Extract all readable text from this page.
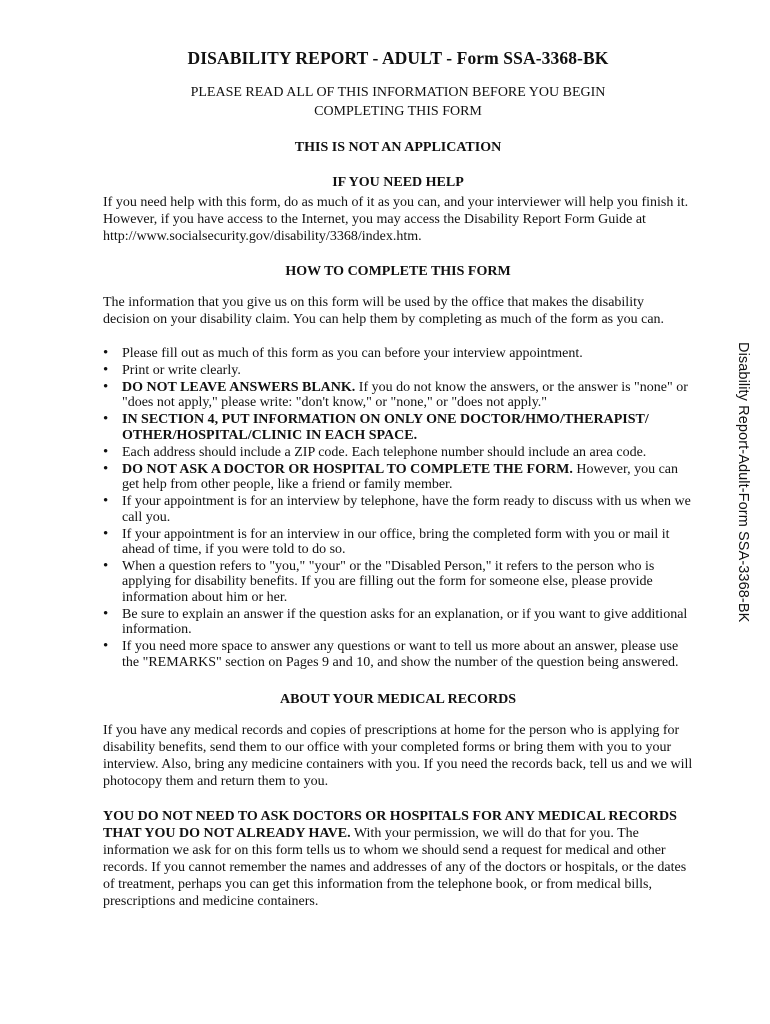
DISABILITY REPORT - ADULT - Form SSA-3368-BK
PLEASE READ ALL OF THIS INFORMATION BEFORE YOU BEGIN
COMPLETING THIS FORM
THIS IS NOT AN APPLICATION
IF YOU NEED HELP

If you need help with this form, do as much of it as you can, and your interviewer will help you finish it. However, if you have access to the Internet, you may access the Disability Report Form Guide at http://www.socialsecurity.gov/disability/3368/index.htm.

HOW TO COMPLETE THIS FORM

The information that you give us on this form will be used by the office that makes the disability decision on your disability claim. You can help them by completing as much of the form as you can.

• Please fill out as much of this form as you can before your interview appointment.
• Print or write clearly.
• DO NOT LEAVE ANSWERS BLANK. If you do not know the answers, or the answer is "none" or "does not apply," please write: "don't know," or "none," or "does not apply."
• IN SECTION 4, PUT INFORMATION ON ONLY ONE DOCTOR/HMO/THERAPIST/ OTHER/HOSPITAL/CLINIC IN EACH SPACE.
• Each address should include a ZIP code. Each telephone number should include an area code.
• DO NOT ASK A DOCTOR OR HOSPITAL TO COMPLETE THE FORM. However, you can get help from other people, like a friend or family member.
• If your appointment is for an interview by telephone, have the form ready to discuss with us when we call you.
• If your appointment is for an interview in our office, bring the completed form with you or mail it ahead of time, if you were told to do so.
• When a question refers to "you," "your" or the "Disabled Person," it refers to the person who is applying for disability benefits. If you are filling out the form for someone else, please provide information about him or her.
• Be sure to explain an answer if the question asks for an explanation, or if you want to give additional information.
• If you need more space to answer any questions or want to tell us more about an answer, please use the "REMARKS" section on Pages 9 and 10, and show the number of the question being answered.
ABOUT YOUR MEDICAL RECORDS

If you have any medical records and copies of prescriptions at home for the person who is applying for disability benefits, send them to our office with your completed forms or bring them with you to your interview. Also, bring any medicine containers with you. If you need the records back, tell us and we will photocopy them and return them to you.

YOU DO NOT NEED TO ASK DOCTORS OR HOSPITALS FOR ANY MEDICAL RECORDS THAT YOU DO NOT ALREADY HAVE. With your permission, we will do that for you. The information we ask for on this form tells us to whom we should send a request for medical and other records. If you cannot remember the names and addresses of any of the doctors or hospitals, or the dates of treatment, perhaps you can get this information from the telephone book, or from medical bills, prescriptions and medicine containers.

Disability Report-Adult-Form SSA-3368-BK
